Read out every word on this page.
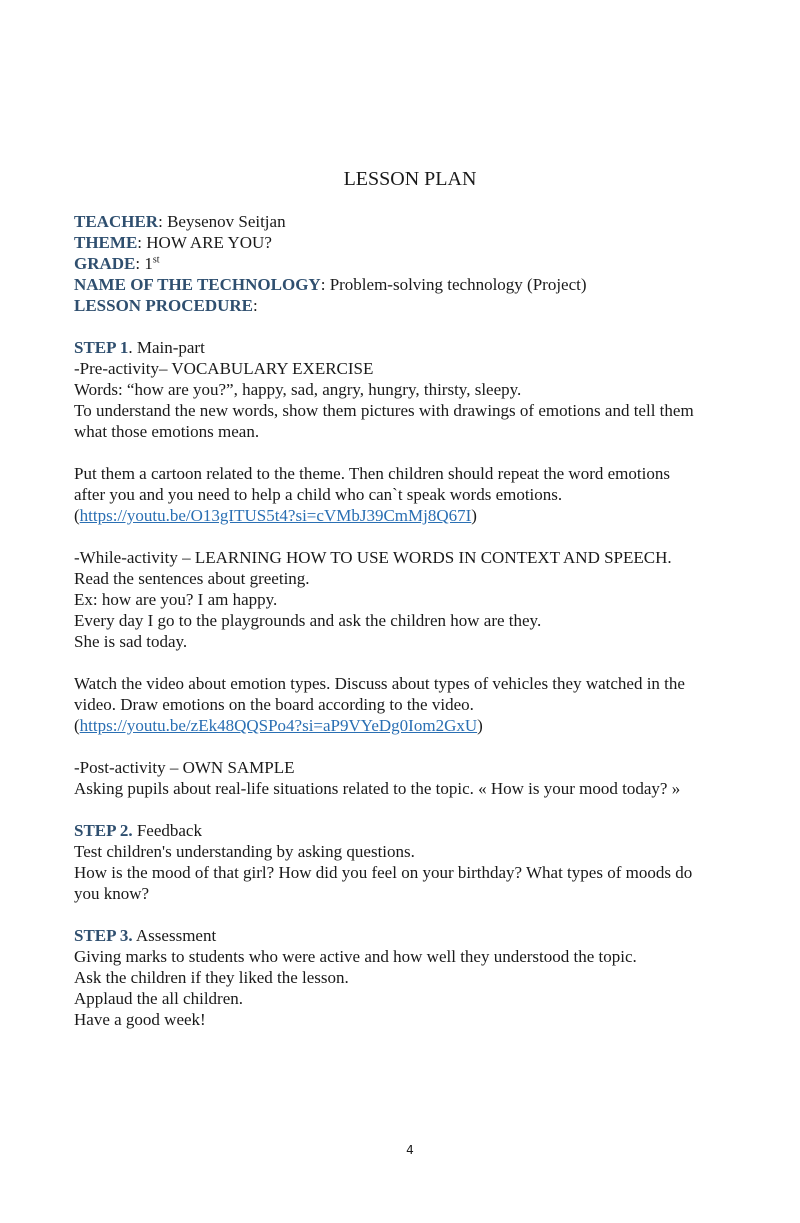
LESSON PLAN
TEACHER: Beysenov Seitjan
THEME: HOW ARE YOU?
GRADE: 1st
NAME OF THE TECHNOLOGY: Problem-solving technology (Project)
LESSON PROCEDURE:
STEP 1. Main-part
-Pre-activity– VOCABULARY EXERCISE
Words: “how are you?”, happy, sad, angry, hungry, thirsty, sleepy.
To understand the new words, show them pictures with drawings of emotions and tell them
what those emotions mean.
Put them a cartoon related to the theme. Then children should repeat the word emotions
after you and you need to help a child who can`t speak words emotions.
(https://youtu.be/O13gITUS5t4?si=cVMbJ39CmMj8Q67I)
-While-activity – LEARNING HOW TO USE WORDS IN CONTEXT AND SPEECH.
Read the sentences about greeting.
Ex: how are you? I am happy.
Every day I go to the playgrounds and ask the children how are they.
She is sad today.
Watch the video about emotion types. Discuss about types of vehicles they watched in the
video. Draw emotions on the board according to the video.
(https://youtu.be/zEk48QQSPo4?si=aP9VYeDg0Iom2GxU)
-Post-activity – OWN SAMPLE
Asking pupils about real-life situations related to the topic. « How is your mood today? »
STEP 2. Feedback
Test children's understanding by asking questions.
How is the mood of that girl? How did you feel on your birthday? What types of moods do
you know?
STEP 3. Assessment
Giving marks to students who were active and how well they understood the topic.
Ask the children if they liked the lesson.
Applaud the all children.
Have a good week!
4
